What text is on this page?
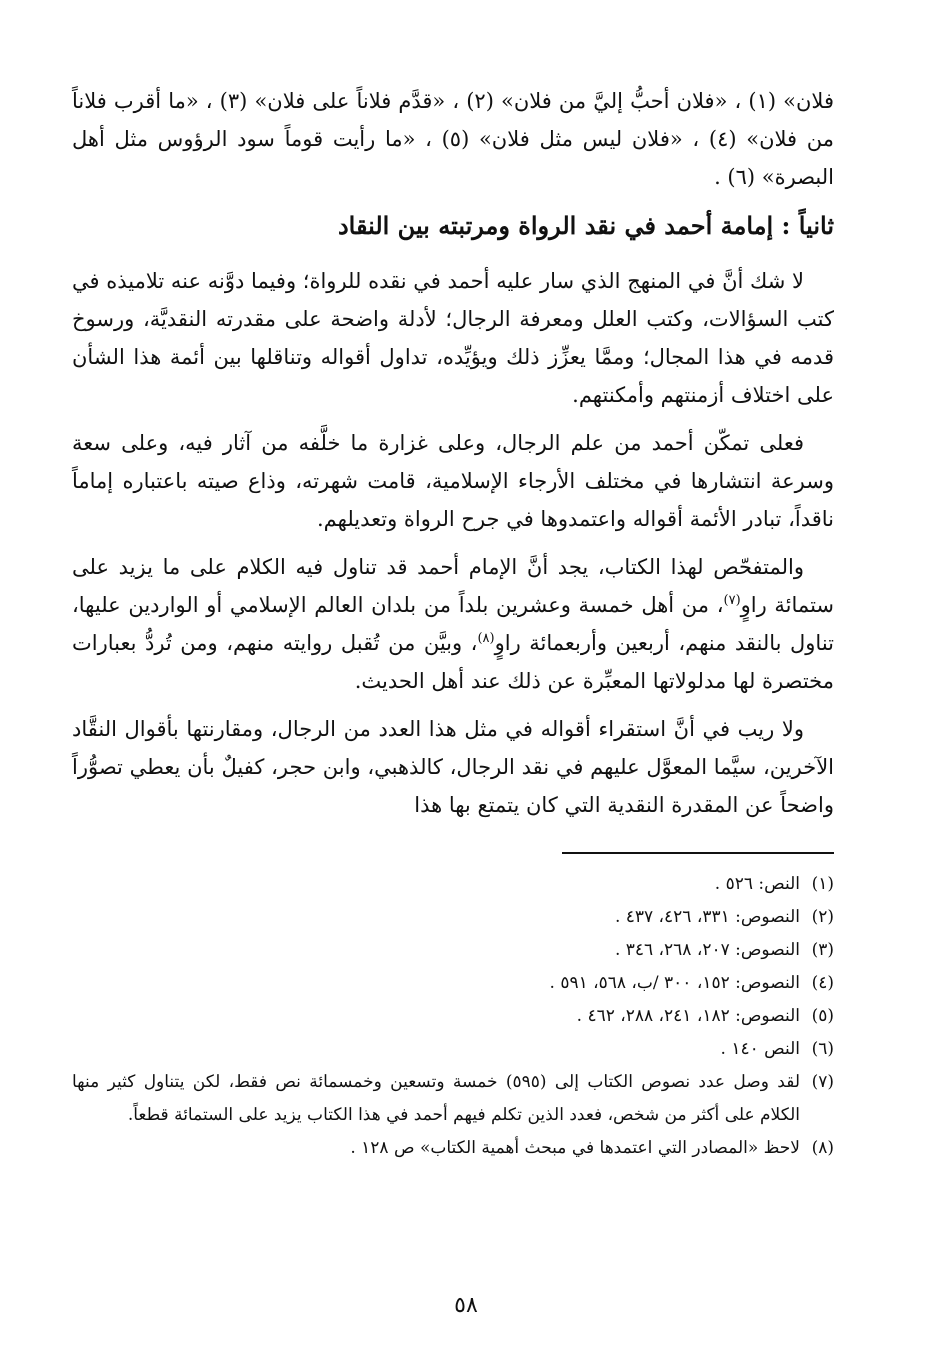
فلان» (١) ، «فلان أحبُّ إليَّ من فلان» (٢) ، «قدَّم فلاناً على فلان» (٣) ، «ما أقرب فلاناً من فلان» (٤) ، «فلان ليس مثل فلان» (٥) ، «ما رأيت قوماً سود الرؤوس مثل أهل البصرة» (٦) .

ثانياً : إمامة أحمد في نقد الرواة ومرتبته بين النقاد

لا شك أنَّ في المنهج الذي سار عليه أحمد في نقده للرواة؛ وفيما دوَّنه عنه تلاميذه في كتب السؤالات، وكتب العلل ومعرفة الرجال؛ لأدلة واضحة على مقدرته النقديَّة، ورسوخ قدمه في هذا المجال؛ وممَّا يعزِّز ذلك ويؤيِّده، تداول أقواله وتناقلها بين أئمة هذا الشأن على اختلاف أزمنتهم وأمكنتهم.

فعلى تمكّن أحمد من علم الرجال، وعلى غزارة ما خلَّفه من آثار فيه، وعلى سعة وسرعة انتشارها في مختلف الأرجاء الإسلامية، قامت شهرته، وذاع صيته باعتباره إماماً ناقداً، تبادر الأئمة أقواله واعتمدوها في جرح الرواة وتعديلهم.

والمتفحّص لهذا الكتاب، يجد أنَّ الإمام أحمد قد تناول فيه الكلام على ما يزيد على ستمائة راوٍ$^{(٧)}$، من أهل خمسة وعشرين بلداً من بلدان العالم الإسلامي أو الواردين عليها، تناول بالنقد منهم، أربعين وأربعمائة راوٍ$^{(٨)}$، وبيَّن من تُقبل روايته منهم، ومن تُردُّ بعبارات مختصرة لها مدلولاتها المعبِّرة عن ذلك عند أهل الحديث.

ولا ريب في أنَّ استقراء أقواله في مثل هذا العدد من الرجال، ومقارنتها بأقوال النقَّاد الآخرين، سيَّما المعوَّل عليهم في نقد الرجال، كالذهبي، وابن حجر، كفيلٌ بأن يعطي تصوُّراً واضحاً عن المقدرة النقدية التي كان يتمتع بها هذا

(١)
النص: ٥٢٦ .
(٢)
النصوص: ٣٣١، ٤٢٦، ٤٣٧ .
(٣)
النصوص: ٢٠٧، ٢٦٨، ٣٤٦ .
(٤)
النصوص: ١٥٢، ٣٠٠ /ب، ٥٦٨، ٥٩١ .
(٥)
النصوص: ١٨٢، ٢٤١، ٢٨٨، ٤٦٢ .
(٦)
النص ١٤٠ .
(٧)
لقد وصل عدد نصوص الكتاب إلى (٥٩٥) خمسة وتسعين وخمسمائة نص فقط، لكن يتناول كثير منها الكلام على أكثر من شخص، فعدد الذين تكلم فيهم أحمد في هذا الكتاب يزيد على الستمائة قطعاً.
(٨)
لاحظ «المصادر التي اعتمدها في مبحث أهمية الكتاب» ص ١٢٨ .
٥٨
